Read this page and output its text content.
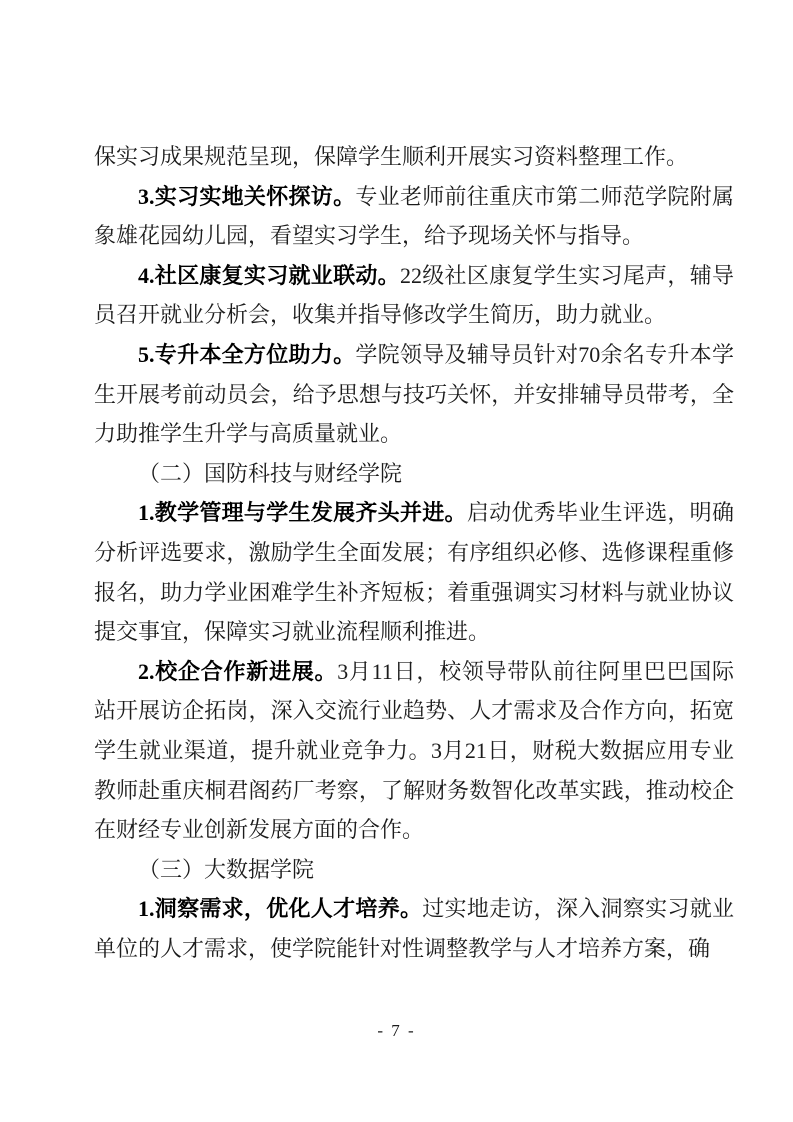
保实习成果规范呈现，保障学生顺利开展实习资料整理工作。

3.实习实地关怀探访。专业老师前往重庆市第二师范学院附属象雄花园幼儿园，看望实习学生，给予现场关怀与指导。

4.社区康复实习就业联动。22级社区康复学生实习尾声，辅导员召开就业分析会，收集并指导修改学生简历，助力就业。

5.专升本全方位助力。学院领导及辅导员针对70余名专升本学生开展考前动员会，给予思想与技巧关怀，并安排辅导员带考，全力助推学生升学与高质量就业。

（二）国防科技与财经学院

1.教学管理与学生发展齐头并进。启动优秀毕业生评选，明确分析评选要求，激励学生全面发展；有序组织必修、选修课程重修报名，助力学业困难学生补齐短板；着重强调实习材料与就业协议提交事宜，保障实习就业流程顺利推进。

2.校企合作新进展。3月11日，校领导带队前往阿里巴巴国际站开展访企拓岗，深入交流行业趋势、人才需求及合作方向，拓宽学生就业渠道，提升就业竞争力。3月21日，财税大数据应用专业教师赴重庆桐君阁药厂考察，了解财务数智化改革实践，推动校企在财经专业创新发展方面的合作。

（三）大数据学院

1.洞察需求，优化人才培养。过实地走访，深入洞察实习就业单位的人才需求，使学院能针对性调整教学与人才培养方案，确

- 7 -
